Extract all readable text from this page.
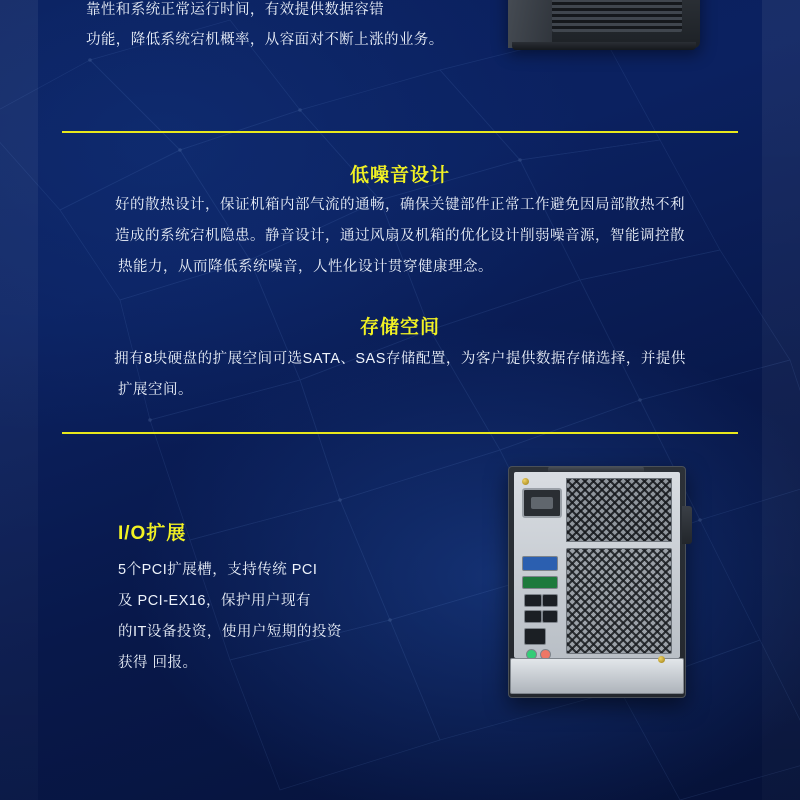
靠性和系统正常运行时间，有效提供数据容错
功能，降低系统宕机概率，从容面对不断上涨的业务。
低噪音设计
好的散热设计，保证机箱内部气流的通畅，确保关键部件正常工作避免因局部散热不利
造成的系统宕机隐患。静音设计，通过风扇及机箱的优化设计削弱噪音源，智能调控散
热能力，从而降低系统噪音，人性化设计贯穿健康理念。
存储空间
拥有8块硬盘的扩展空间可选SATA、SAS存储配置，为客户提供数据存储选择，并提供
扩展空间。
I/O扩展
5个PCI扩展槽，支持传统 PCI
及 PCI-EX16，保护用户现有
的IT设备投资，使用户短期的投资
获得 回报。
